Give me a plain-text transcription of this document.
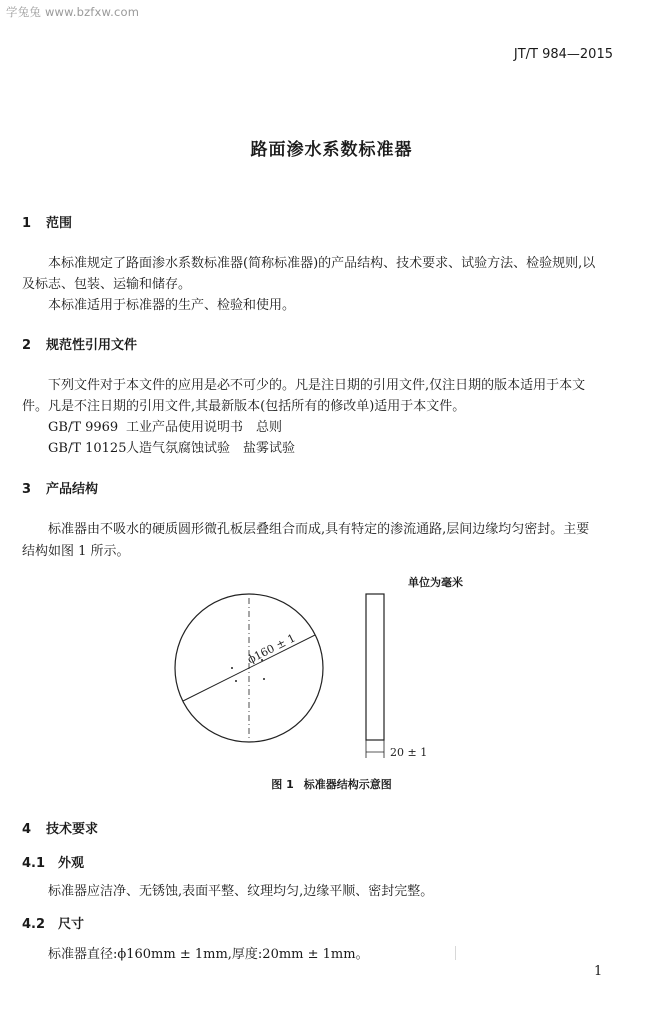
学兔兔 www.bzfxw.com
JT/T 984—2015
路面渗水系数标准器
1 范围
本标准规定了路面渗水系数标准器(简称标准器)的产品结构、技术要求、试验方法、检验规则,以
及标志、包装、运输和储存。
本标准适用于标准器的生产、检验和使用。
2 规范性引用文件
下列文件对于本文件的应用是必不可少的。凡是注日期的引用文件,仅注日期的版本适用于本文
件。凡是不注日期的引用文件,其最新版本(包括所有的修改单)适用于本文件。
GB/T 9969 工业产品使用说明书　总则
GB/T 10125人造气氛腐蚀试验　盐雾试验
3 产品结构
标准器由不吸水的硬质圆形微孔板层叠组合而成,具有特定的渗流通路,层间边缘均匀密封。主要
结构如图 1 所示。
单位为毫米
ϕ160 ± 1
20 ± 1
图 1 标准器结构示意图
4 技术要求
4.1 外观
标准器应洁净、无锈蚀,表面平整、纹理均匀,边缘平顺、密封完整。
4.2 尺寸
标准器直径:ϕ160mm ± 1mm,厚度:20mm ± 1mm。
1
